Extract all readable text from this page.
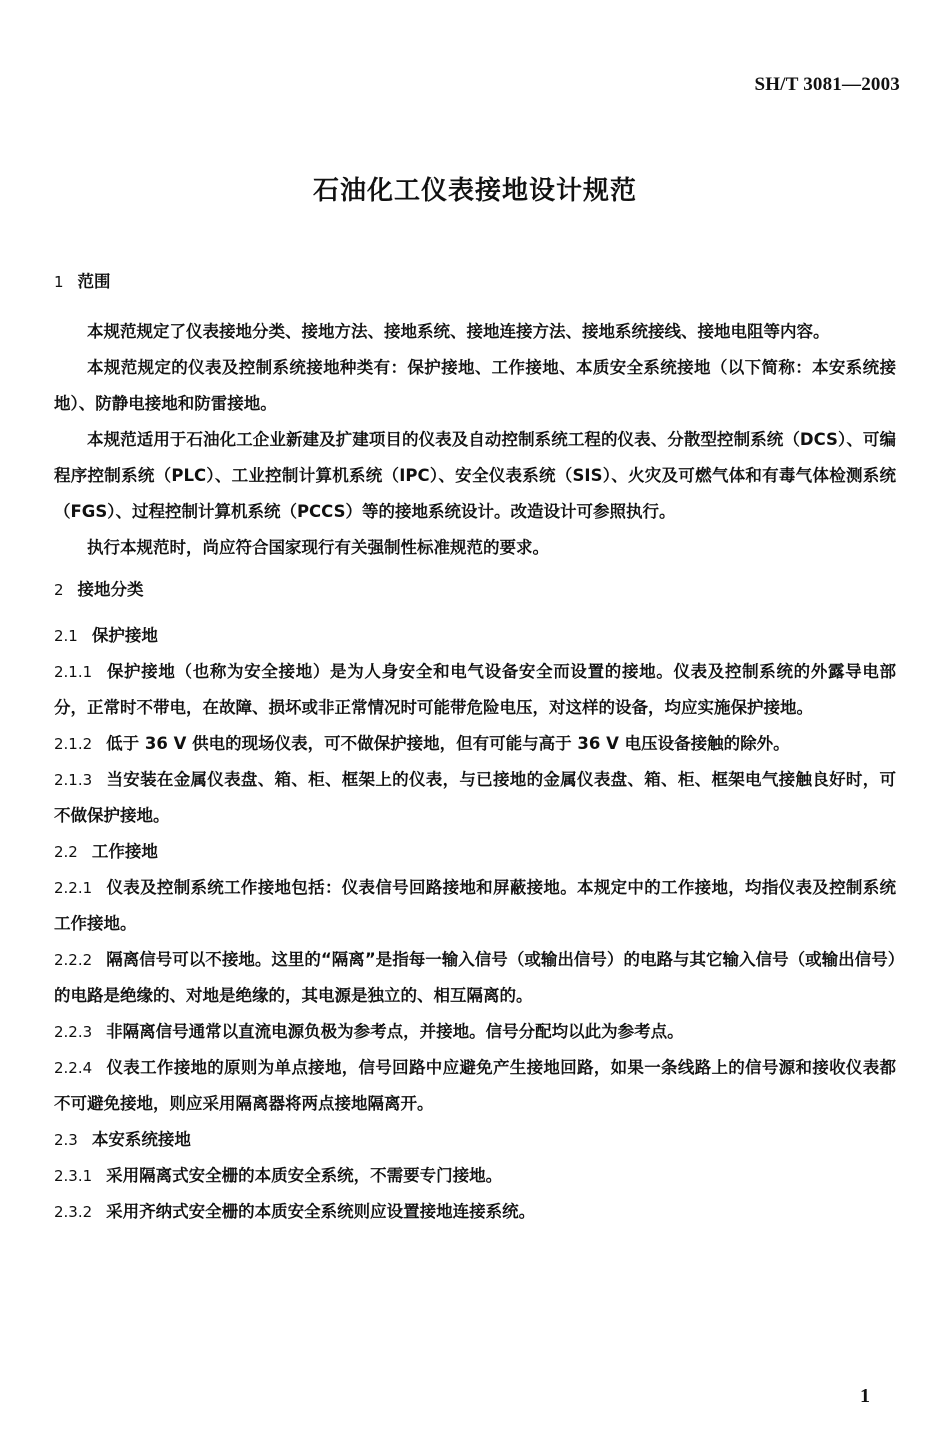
SH/T 3081—2003
石油化工仪表接地设计规范
1 范围

本规范规定了仪表接地分类、接地方法、接地系统、接地连接方法、接地系统接线、接地电阻等内容。

本规范规定的仪表及控制系统接地种类有：保护接地、工作接地、本质安全系统接地（以下简称：本安系统接地）、防静电接地和防雷接地。

本规范适用于石油化工企业新建及扩建项目的仪表及自动控制系统工程的仪表、分散型控制系统（DCS）、可编程序控制系统（PLC）、工业控制计算机系统（IPC）、安全仪表系统（SIS）、火灾及可燃气体和有毒气体检测系统（FGS）、过程控制计算机系统（PCCS）等的接地系统设计。改造设计可参照执行。

执行本规范时，尚应符合国家现行有关强制性标准规范的要求。

2 接地分类
2.1 保护接地

2.1.1 保护接地（也称为安全接地）是为人身安全和电气设备安全而设置的接地。仪表及控制系统的外露导电部分，正常时不带电，在故障、损坏或非正常情况时可能带危险电压，对这样的设备，均应实施保护接地。

2.1.2 低于 36 V 供电的现场仪表，可不做保护接地，但有可能与高于 36 V 电压设备接触的除外。

2.1.3 当安装在金属仪表盘、箱、柜、框架上的仪表，与已接地的金属仪表盘、箱、柜、框架电气接触良好时，可不做保护接地。

2.2 工作接地

2.2.1 仪表及控制系统工作接地包括：仪表信号回路接地和屏蔽接地。本规定中的工作接地，均指仪表及控制系统工作接地。

2.2.2 隔离信号可以不接地。这里的“隔离”是指每一输入信号（或输出信号）的电路与其它输入信号（或输出信号）的电路是绝缘的、对地是绝缘的，其电源是独立的、相互隔离的。

2.2.3 非隔离信号通常以直流电源负极为参考点，并接地。信号分配均以此为参考点。

2.2.4 仪表工作接地的原则为单点接地，信号回路中应避免产生接地回路，如果一条线路上的信号源和接收仪表都不可避免接地，则应采用隔离器将两点接地隔离开。

2.3 本安系统接地

2.3.1 采用隔离式安全栅的本质安全系统，不需要专门接地。

2.3.2 采用齐纳式安全栅的本质安全系统则应设置接地连接系统。

1
